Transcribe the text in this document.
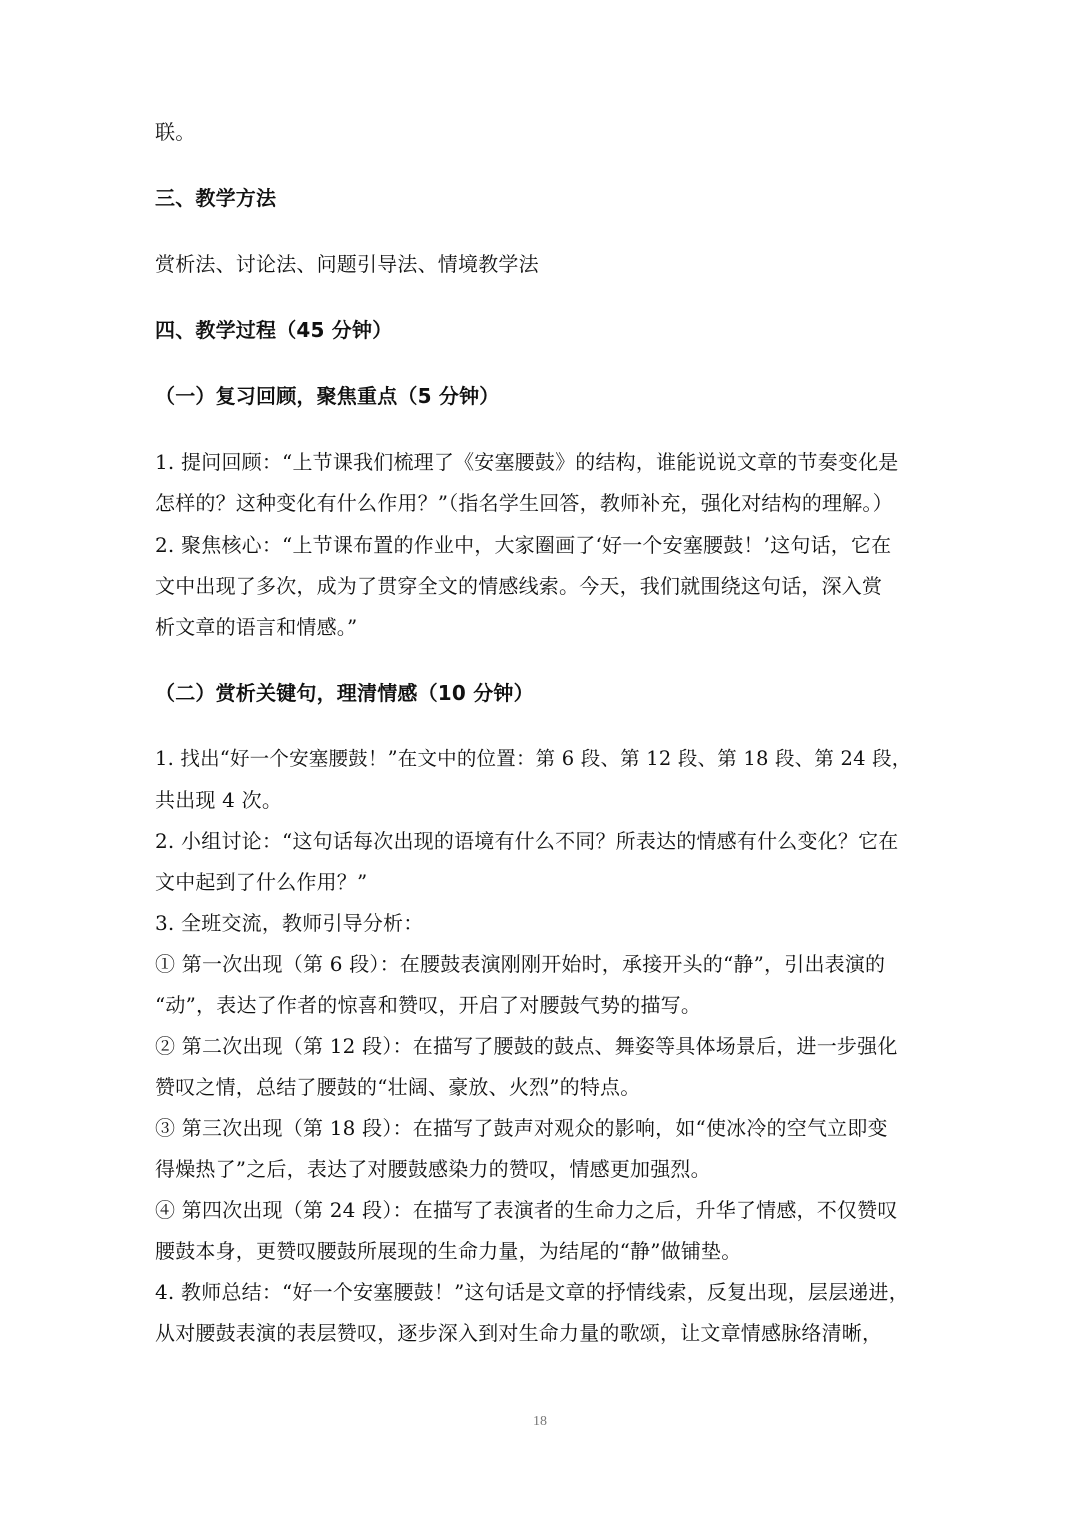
联。
三、教学方法
赏析法、讨论法、问题引导法、情境教学法
四、教学过程（45 分钟）
（一）复习回顾，聚焦重点（5 分钟）
1. 提问回顾：“上节课我们梳理了《安塞腰鼓》的结构，谁能说说文章的节奏变化是
怎样的？这种变化有什么作用？”（指名学生回答，教师补充，强化对结构的理解。）
2. 聚焦核心：“上节课布置的作业中，大家圈画了‘好一个安塞腰鼓！’这句话，它在
文中出现了多次，成为了贯穿全文的情感线索。今天，我们就围绕这句话，深入赏
析文章的语言和情感。”
（二）赏析关键句，理清情感（10 分钟）
1. 找出“好一个安塞腰鼓！”在文中的位置：第 6 段、第 12 段、第 18 段、第 24 段，
共出现 4 次。
2. 小组讨论：“这句话每次出现的语境有什么不同？所表达的情感有什么变化？它在
文中起到了什么作用？”
3. 全班交流，教师引导分析：
① 第一次出现（第 6 段）：在腰鼓表演刚刚开始时，承接开头的“静”，引出表演的
“动”，表达了作者的惊喜和赞叹，开启了对腰鼓气势的描写。
② 第二次出现（第 12 段）：在描写了腰鼓的鼓点、舞姿等具体场景后，进一步强化
赞叹之情，总结了腰鼓的“壮阔、豪放、火烈”的特点。
③ 第三次出现（第 18 段）：在描写了鼓声对观众的影响，如“使冰冷的空气立即变
得燥热了”之后，表达了对腰鼓感染力的赞叹，情感更加强烈。
④ 第四次出现（第 24 段）：在描写了表演者的生命力之后，升华了情感，不仅赞叹
腰鼓本身，更赞叹腰鼓所展现的生命力量，为结尾的“静”做铺垫。
4. 教师总结：“好一个安塞腰鼓！”这句话是文章的抒情线索，反复出现，层层递进，
从对腰鼓表演的表层赞叹，逐步深入到对生命力量的歌颂，让文章情感脉络清晰，
18
